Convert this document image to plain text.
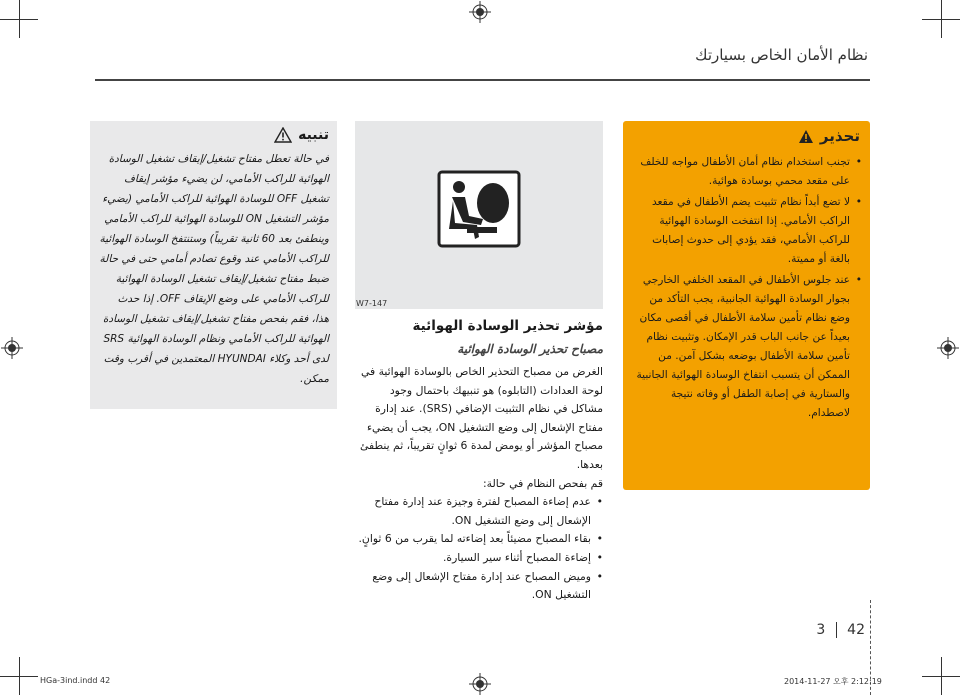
نظام الأمان الخاص بسيارتك
تحذير
• تجنب استخدام نظام أمان الأطفال مواجه للخلف على مقعد محمي بوسادة هوائية.
• لا تضع أبداً نظام تثبيت يضم الأطفال في مقعد الراكب الأمامي. إذا انتفخت الوسادة الهوائية للراكب الأمامي، فقد يؤدي إلى حدوث إصابات بالغة أو مميتة.
• عند جلوس الأطفال في المقعد الخلفي الخارجي بجوار الوسادة الهوائية الجانبية، يجب التأكد من وضع نظام تأمين سلامة الأطفال في أقصى مكان بعيداً عن جانب الباب قدر الإمكان. وتثبيت نظام تأمين سلامة الأطفال بوضعه بشكل آمن. من الممكن أن يتسبب انتفاخ الوسادة الهوائية الجانبية والستارية في إصابة الطفل أو وفاته نتيجة لاصطدام.
W7-147
مؤشر تحذير الوسادة الهوائية
مصباح تحذير الوسادة الهوائية
الغرض من مصباح التحذير الخاص بالوسادة الهوائية في لوحة العدادات (التابلوه) هو تنبيهك باحتمال وجود مشاكل في نظام التثبيت الإضافي (SRS). عند إدارة مفتاح الإشعال إلى وضع التشغيل ON، يجب أن يضيء مصباح المؤشر أو يومض لمدة 6 ثوانٍ تقريباً، ثم ينطفئ بعدها.
قم بفحص النظام في حالة:
• عدم إضاءة المصباح لفترة وجيزة عند إدارة مفتاح الإشعال إلى وضع التشغيل ON.
• بقاء المصباح مضيئاً بعد إضاءته لما يقرب من 6 ثوانٍ.
• إضاءة المصباح أثناء سير السيارة.
• وميض المصباح عند إدارة مفتاح الإشعال إلى وضع التشغيل ON.
تنبيه
في حالة تعطل مفتاح تشغيل/إيقاف تشغيل الوسادة الهوائية للراكب الأمامي، لن يضيء مؤشر إيقاف تشغيل OFF للوسادة الهوائية للراكب الأمامي (يضيء مؤشر التشغيل ON للوسادة الهوائية للراكب الأمامي وينطفئ بعد 60 ثانية تقريباً) وستنتفخ الوسادة الهوائية للراكب الأمامي عند وقوع تصادم أمامي حتى في حالة ضبط مفتاح تشغيل/إيقاف تشغيل الوسادة الهوائية للراكب الأمامي على وضع الإيقاف OFF. إذا حدث هذا، فقم بفحص مفتاح تشغيل/إيقاف تشغيل الوسادة الهوائية للراكب الأمامي ونظام الوسادة الهوائية SRS لدى أحد وكلاء HYUNDAI المعتمدين في أقرب وقت ممكن.
3 42
HGa-3ind.indd 42	2014-11-27 오후 2:12:19
